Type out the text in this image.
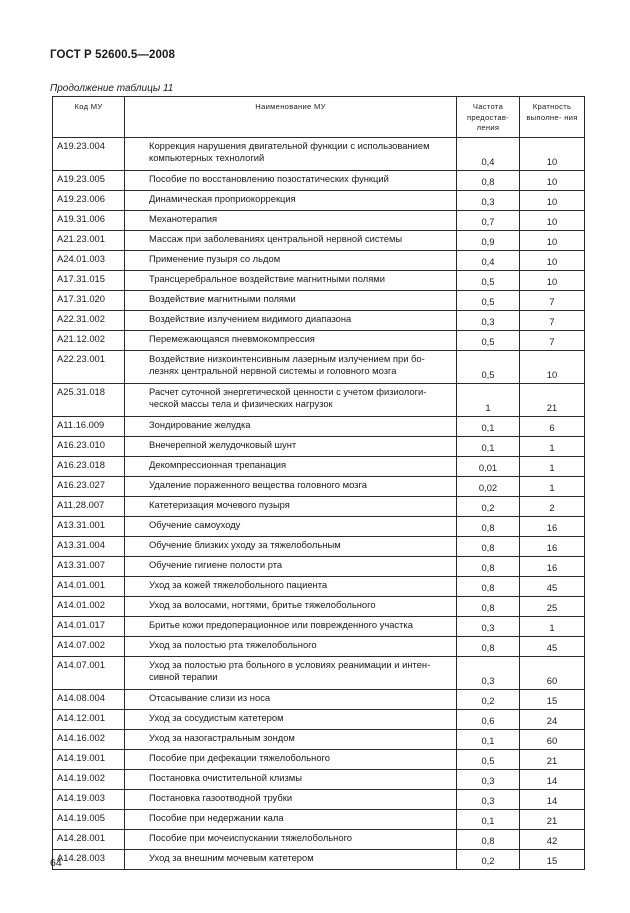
ГОСТ Р 52600.5—2008
Продолжение таблицы 11
Код МУ	Наименование МУ	Частота предостав- ления	Кратность выполне- ния
A19.23.004	Коррекция нарушения двигательной функции с использованием компьютерных технологий	0,4	10
A19.23.005	Пособие по восстановлению позостатических функций	0,8	10
A19.23.006	Динамическая проприокоррекция	0,3	10
A19.31.006	Механотерапия	0,7	10
A21.23.001	Массаж при заболеваниях центральной нервной системы	0,9	10
A24.01.003	Применение пузыря со льдом	0,4	10
A17.31.015	Трансцеребральное воздействие магнитными полями	0,5	10
A17.31.020	Воздействие магнитными полями	0,5	7
A22.31.002	Воздействие излучением видимого диапазона	0,3	7
A21.12.002	Перемежающаяся пневмокомпрессия	0,5	7
A22.23.001	Воздействие низкоинтенсивным лазерным излучением при бо- лезнях центральной нервной системы и головного мозга	0,5	10
A25.31.018	Расчет суточной энергетической ценности с учетом физиологи- ческой массы тела и физических нагрузок	1	21
A11.16.009	Зондирование желудка	0,1	6
A16.23.010	Внечерепной желудочковый шунт	0,1	1
A16.23.018	Декомпрессионная трепанация	0,01	1
A16.23.027	Удаление пораженного вещества головного мозга	0,02	1
A11.28.007	Катетеризация мочевого пузыря	0,2	2
A13.31.001	Обучение самоуходу	0,8	16
A13.31.004	Обучение близких уходу за тяжелобольным	0,8	16
A13.31.007	Обучение гигиене полости рта	0,8	16
A14.01.001	Уход за кожей тяжелобольного пациента	0,8	45
A14.01.002	Уход за волосами, ногтями, бритье тяжелобольного	0,8	25
A14.01.017	Бритье кожи предоперационное или поврежденного участка	0,3	1
A14.07.002	Уход за полостью рта тяжелобольного	0,8	45
A14.07.001	Уход за полостью рта больного в условиях реанимации и интен- сивной терапии	0,3	60
A14.08.004	Отсасывание слизи из носа	0,2	15
A14.12.001	Уход за сосудистым катетером	0,6	24
A14.16.002	Уход за назогастральным зондом	0,1	60
A14.19.001	Пособие при дефекации тяжелобольного	0,5	21
A14.19.002	Постановка очистительной клизмы	0,3	14
A14.19.003	Постановка газоотводной трубки	0,3	14
A14.19.005	Пособие при недержании кала	0,1	21
A14.28.001	Пособие при мочеиспускании тяжелобольного	0,8	42
A14.28.003	Уход за внешним мочевым катетером	0,2	15
64
